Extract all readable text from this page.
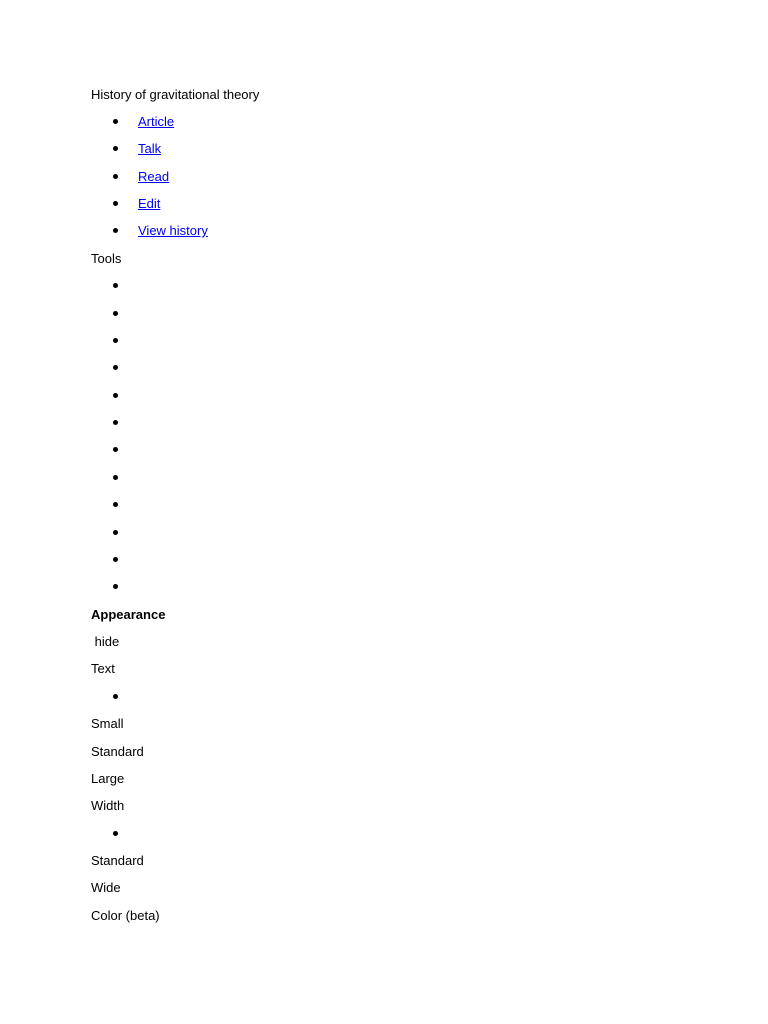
History of gravitational theory
Article
Talk
Read
Edit
View history
Tools
Appearance
hide
Text
Small
Standard
Large
Width
Standard
Wide
Color (beta)
